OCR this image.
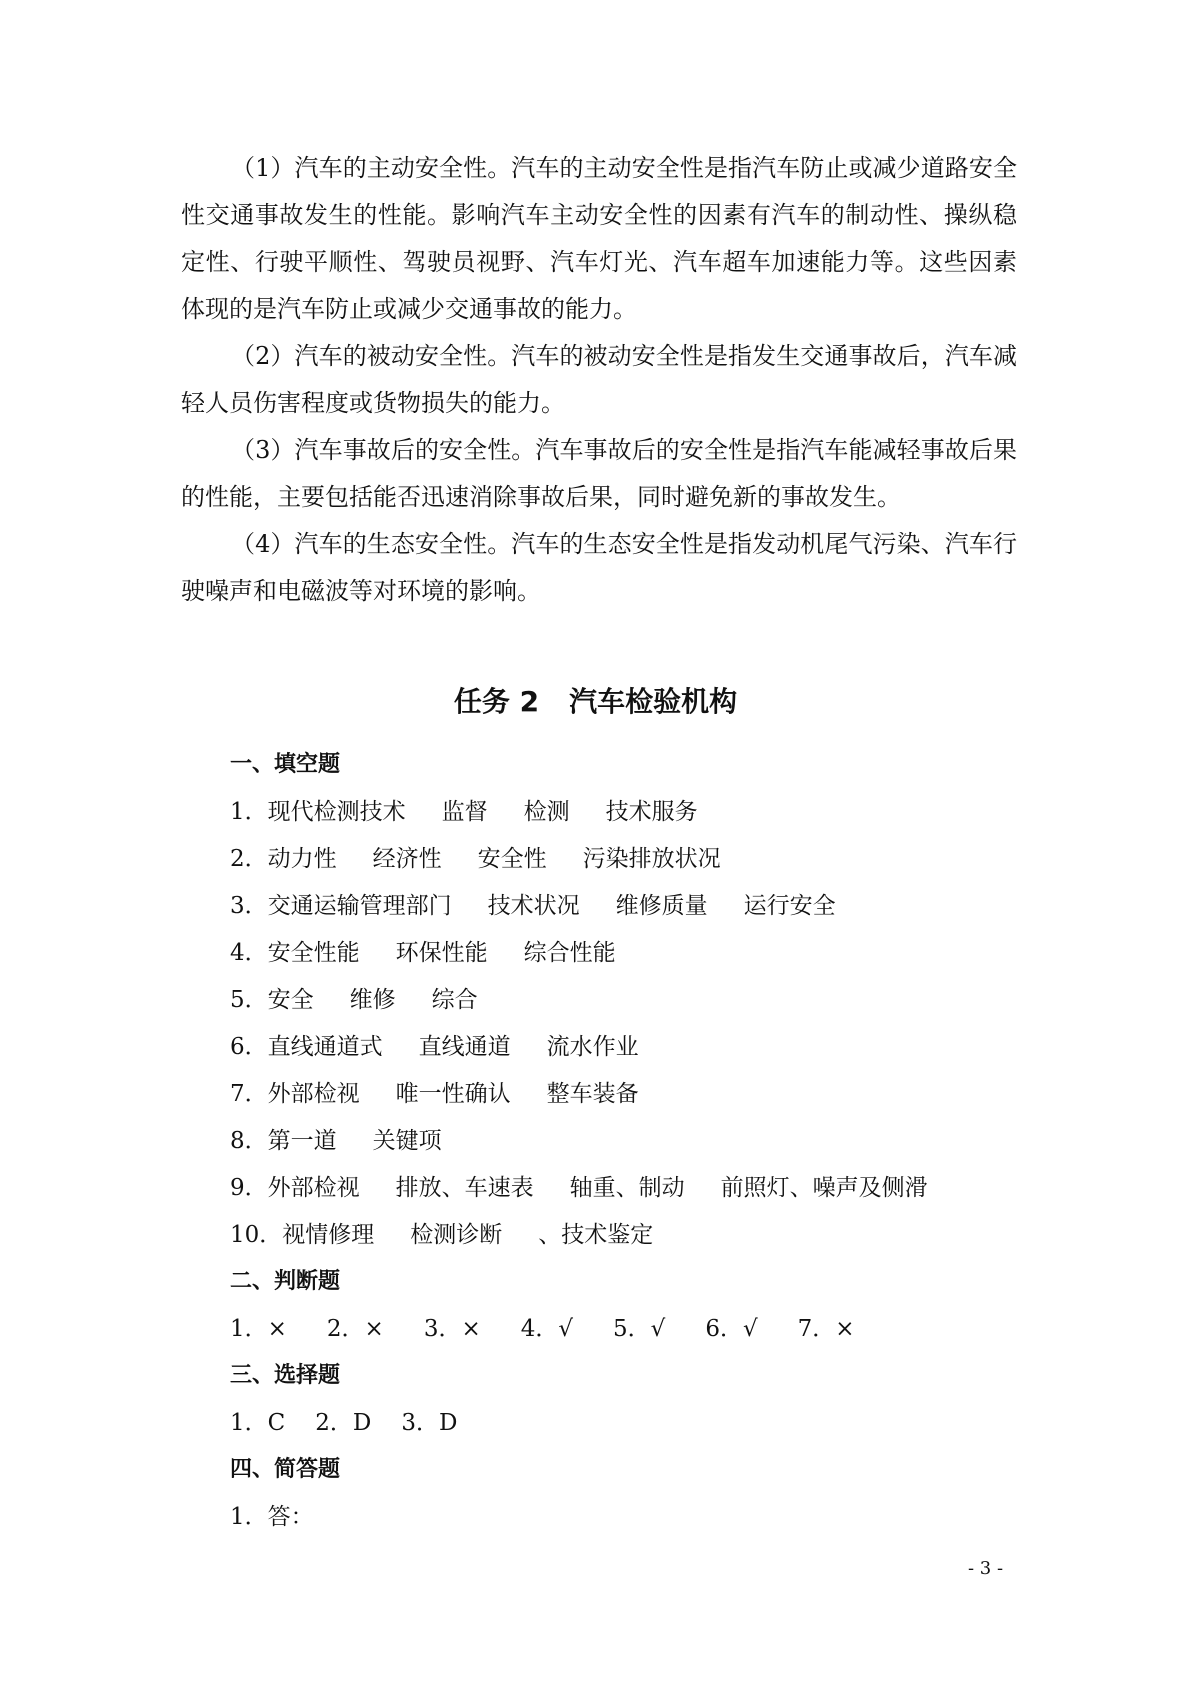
（1）汽车的主动安全性。汽车的主动安全性是指汽车防止或减少道路安全性交通事故发生的性能。影响汽车主动安全性的因素有汽车的制动性、操纵稳定性、行驶平顺性、驾驶员视野、汽车灯光、汽车超车加速能力等。这些因素体现的是汽车防止或减少交通事故的能力。

（2）汽车的被动安全性。汽车的被动安全性是指发生交通事故后，汽车减轻人员伤害程度或货物损失的能力。

（3）汽车事故后的安全性。汽车事故后的安全性是指汽车能减轻事故后果的性能，主要包括能否迅速消除事故后果，同时避免新的事故发生。

（4）汽车的生态安全性。汽车的生态安全性是指发动机尾气污染、汽车行驶噪声和电磁波等对环境的影响。

任务 2 汽车检验机构

一、填空题

1．现代检测技术 监督 检测 技术服务

2．动力性 经济性 安全性 污染排放状况

3．交通运输管理部门 技术状况 维修质量 运行安全

4．安全性能 环保性能 综合性能

5．安全 维修 综合

6．直线通道式 直线通道 流水作业

7．外部检视 唯一性确认 整车装备

8．第一道 关键项

9．外部检视 排放、车速表 轴重、制动 前照灯、噪声及侧滑

10．视情修理 检测诊断 、技术鉴定

二、判断题

1．× 2．× 3．× 4．√ 5．√ 6．√ 7．×

三、选择题

1．C 2．D 3．D

四、简答题

1．答：

- 3 -
